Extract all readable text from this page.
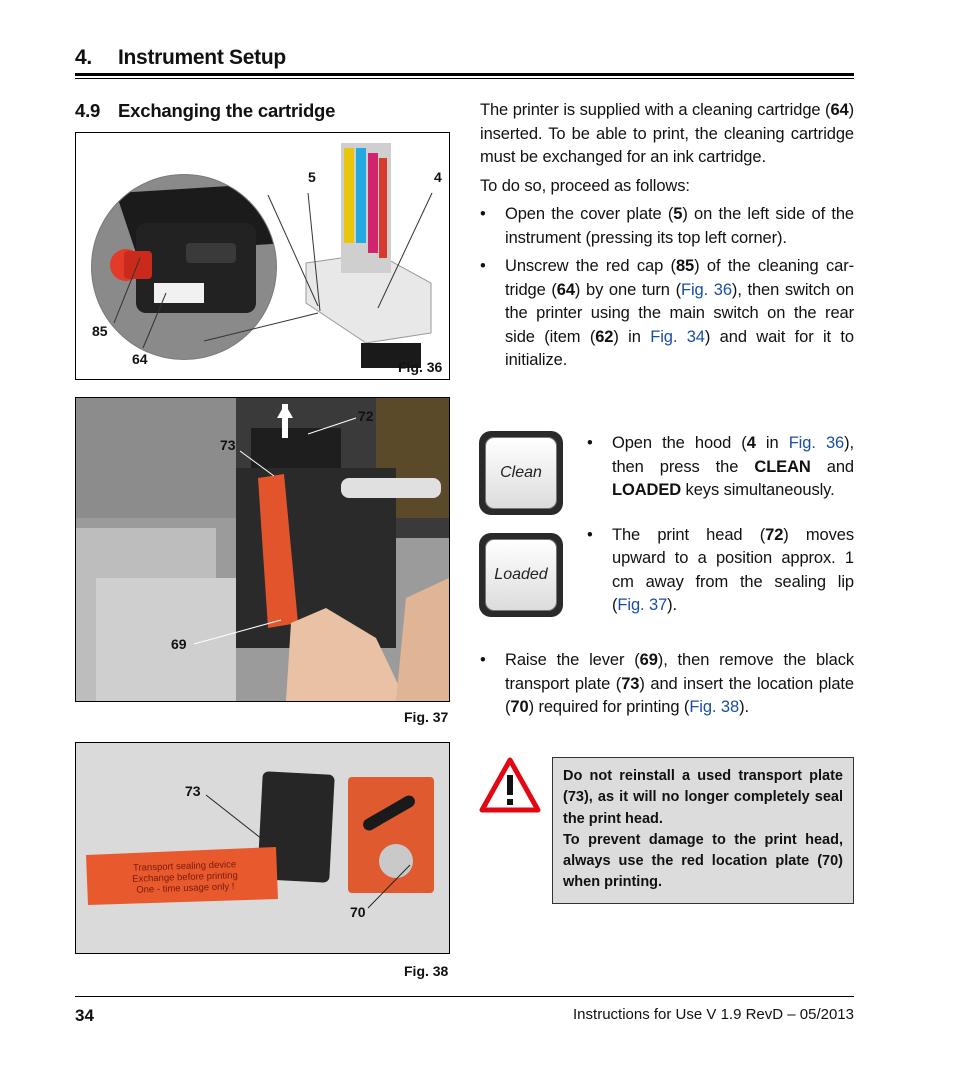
4. Instrument Setup
4.9 Exchanging the cartridge
5	4
85
64	Fig. 36
72
73
69
Fig. 37
Transport sealing device
Exchange before printing
One - time usage only !
73
70
Fig. 38

The printer is supplied with a cleaning cartridge (64) inserted. To be able to print, the cleaning cartridge must be exchanged for an ink cartridge.

To do so, proceed as follows:

• Open the cover plate (5) on the left side of the instrument (pressing its top left corner).
• Unscrew the red cap (85) of the cleaning car-tridge (64) by one turn (Fig. 36), then switch on the printer using the main switch on the rear side (item (62) in Fig. 34) and wait for it to initialize.
Clean
Loaded
• Open the hood (4 in Fig. 36), then press the CLEAN and LOADED keys simultaneously.
• The print head (72) moves upward to a position approx. 1 cm away from the sealing lip (Fig. 37).
• Raise the lever (69), then remove the black transport plate (73) and insert the location plate (70) required for printing (Fig. 38).
Do not reinstall a used transport plate (73), as it will no longer completely seal the print head.
To prevent damage to the print head, always use the red location plate (70) when printing.
34	Instructions for Use V 1.9 RevD – 05/2013
